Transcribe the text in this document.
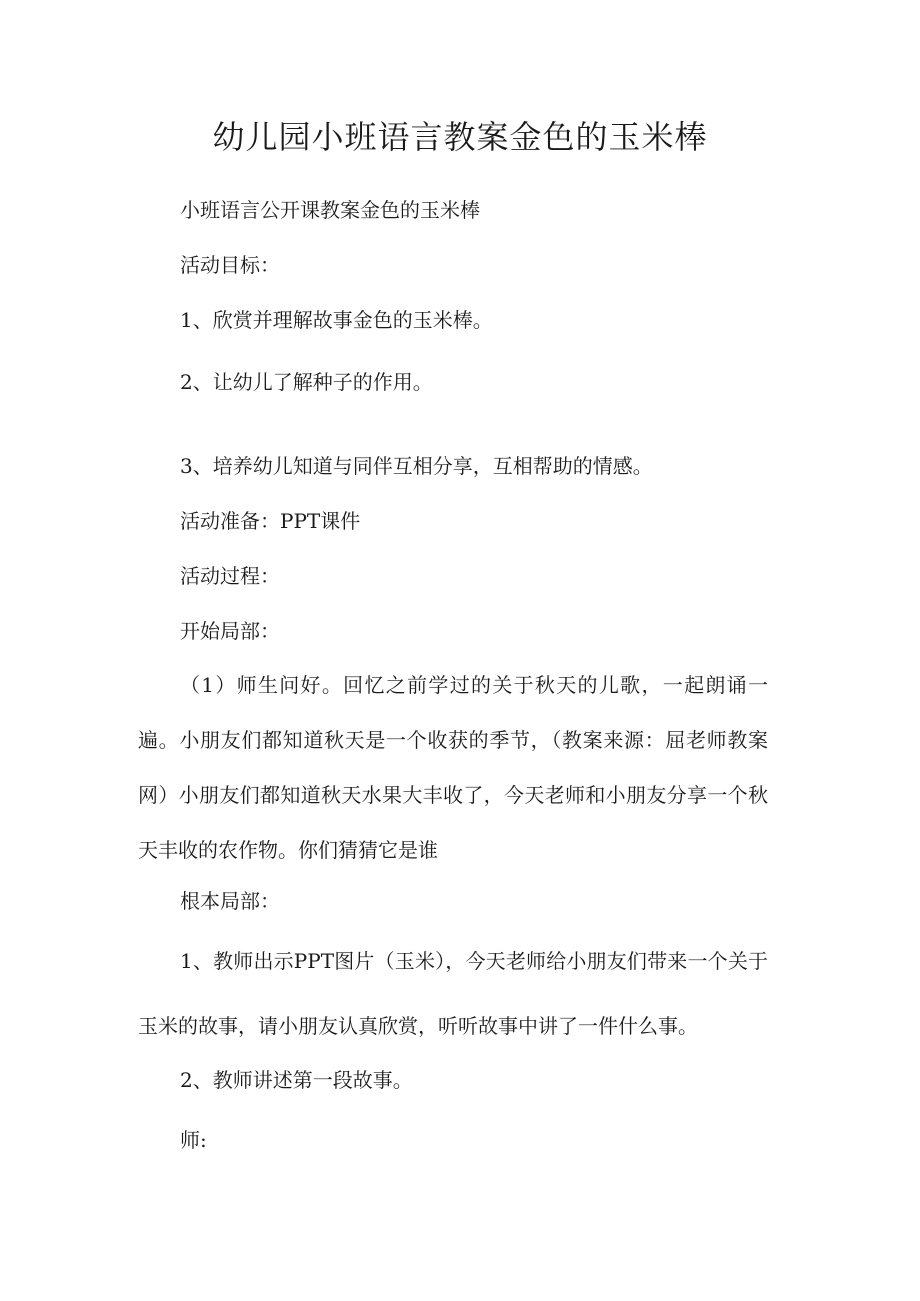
幼儿园小班语言教案金色的玉米棒

小班语言公开课教案金色的玉米棒

活动目标：

1、欣赏并理解故事金色的玉米棒。

2、让幼儿了解种子的作用。

3、培养幼儿知道与同伴互相分享，互相帮助的情感。

活动准备：PPT课件

活动过程：

开始局部：

（1）师生问好。回忆之前学过的关于秋天的儿歌，一起朗诵一遍。小朋友们都知道秋天是一个收获的季节，（教案来源：屈老师教案网）小朋友们都知道秋天水果大丰收了，今天老师和小朋友分享一个秋天丰收的农作物。你们猜猜它是谁

根本局部：

1、教师出示PPT图片（玉米），今天老师给小朋友们带来一个关于玉米的故事，请小朋友认真欣赏，听听故事中讲了一件什么事。

2、教师讲述第一段故事。

师:
